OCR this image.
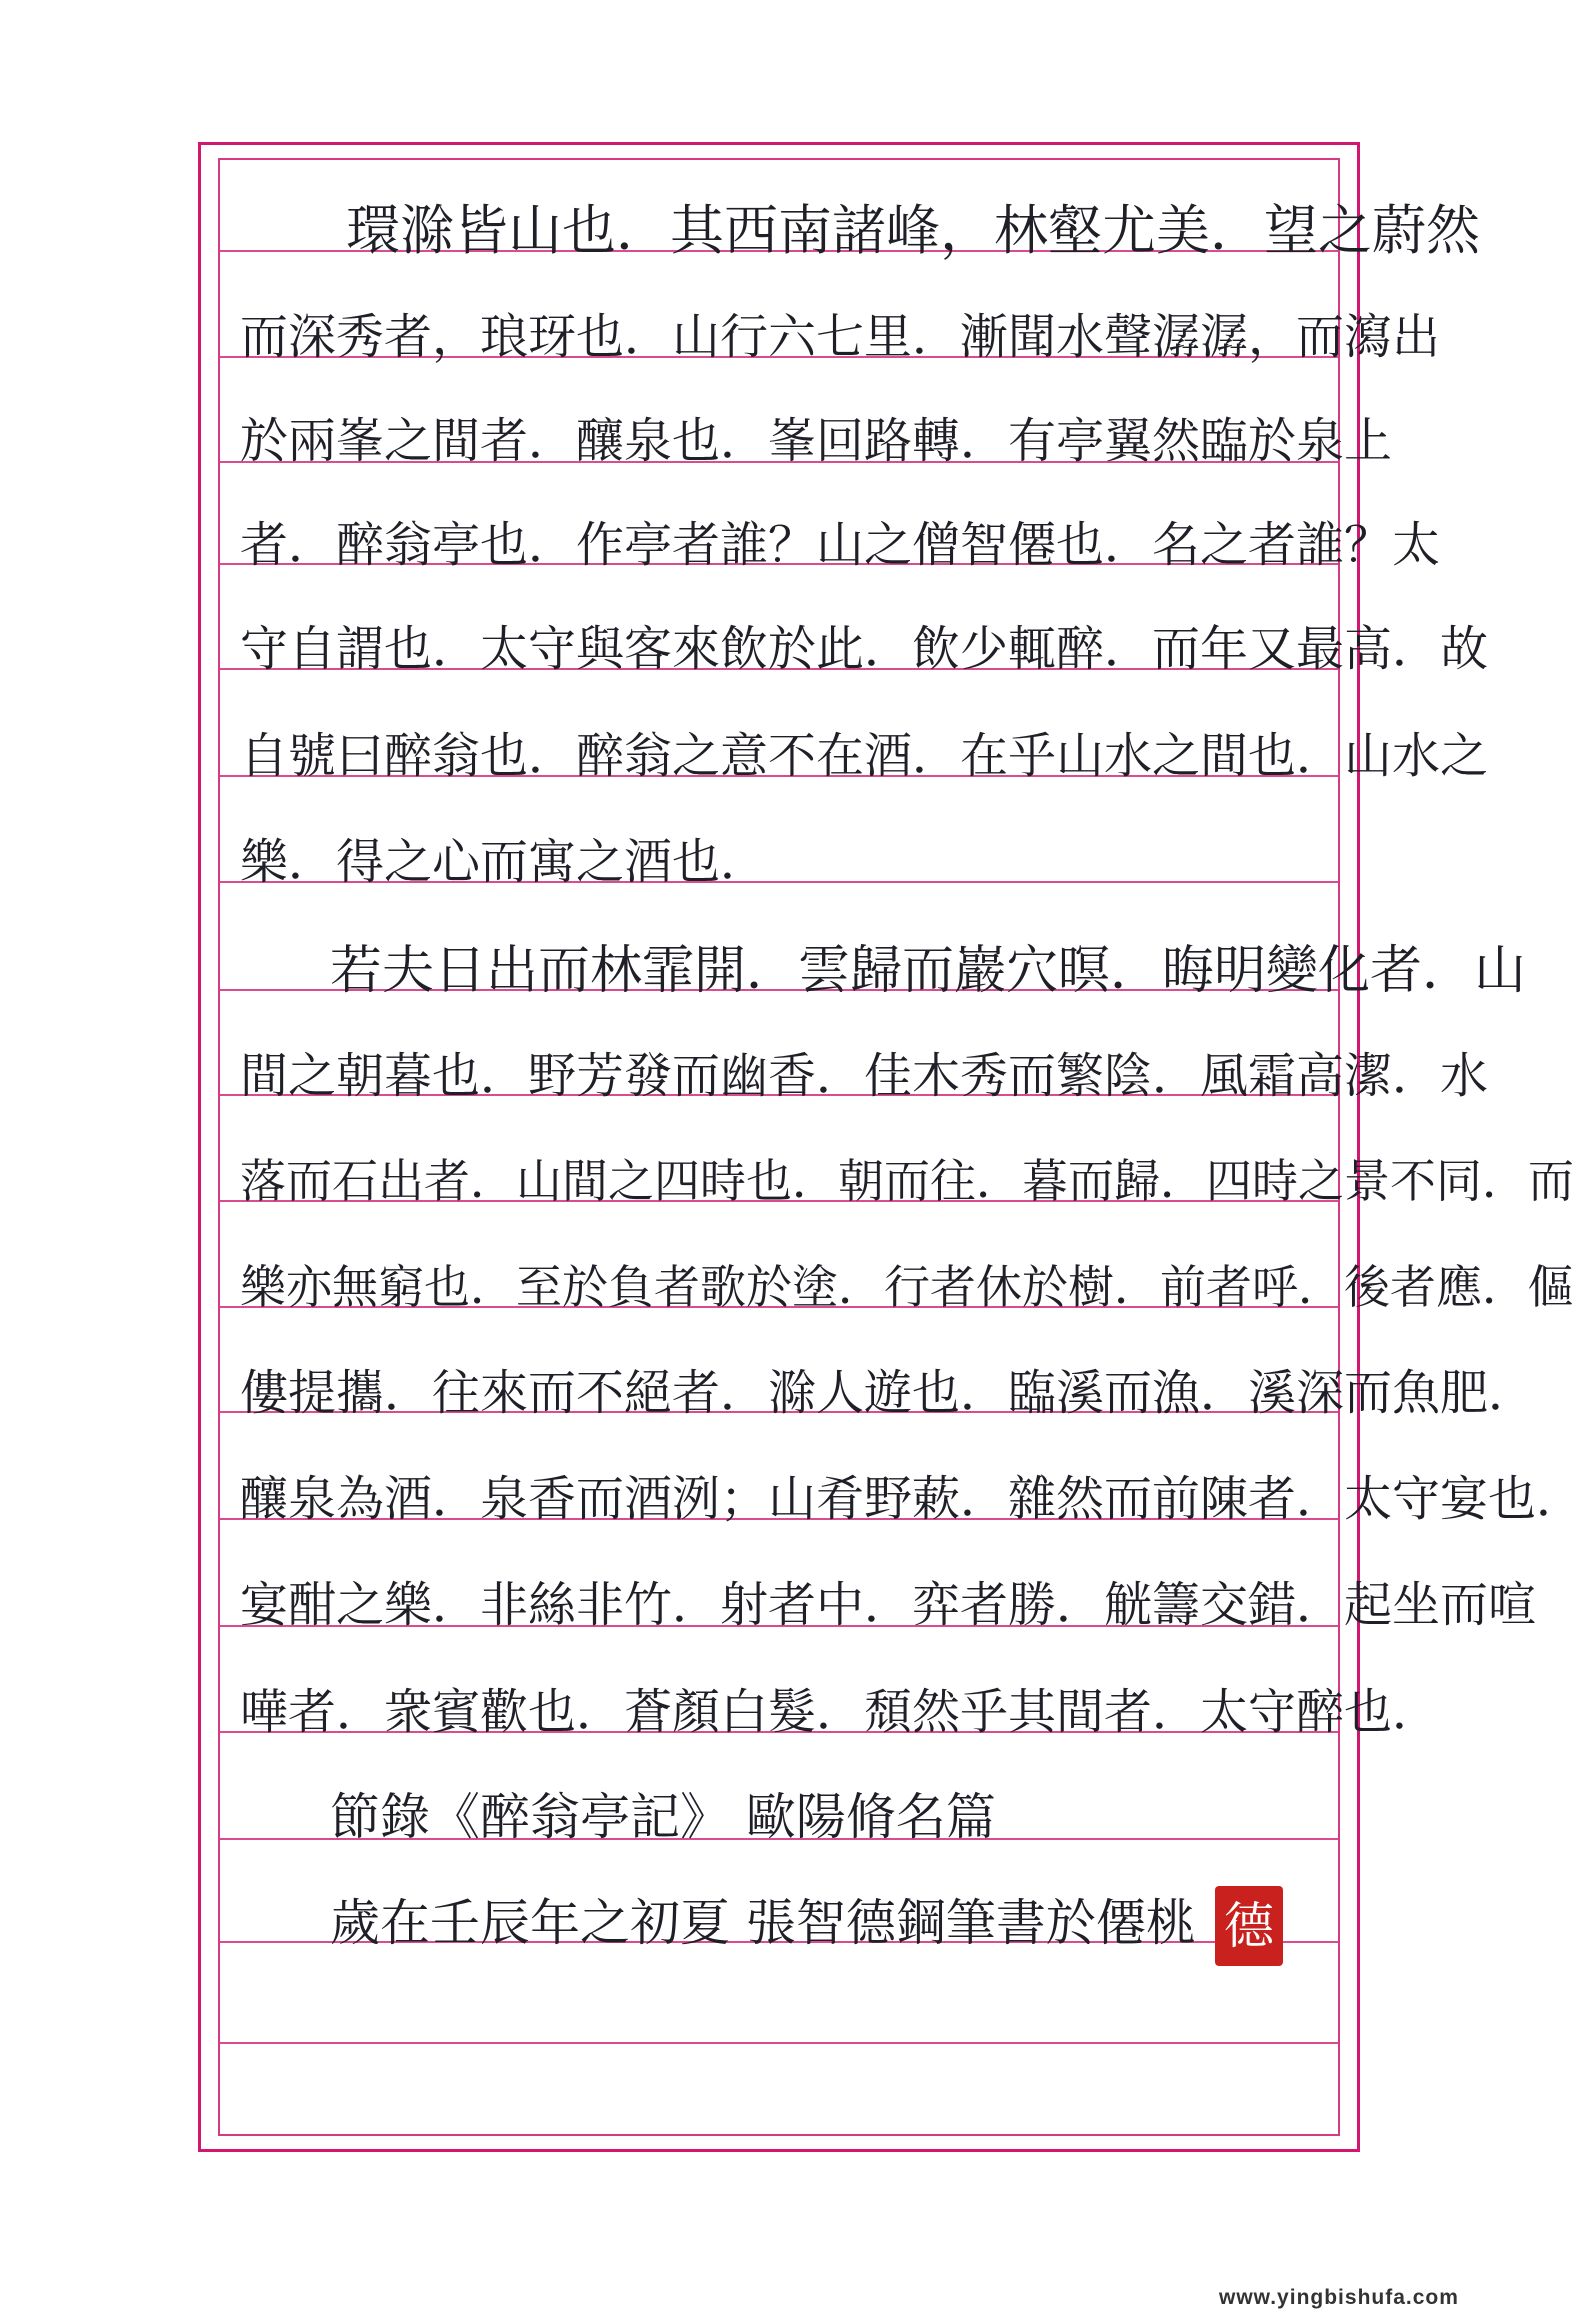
環滁皆山也．其西南諸峰，林壑尤美．望之蔚然
而深秀者，琅玡也．山行六七里．漸聞水聲潺潺，而瀉出
於兩峯之間者．釀泉也．峯回路轉．有亭翼然臨於泉上
者．醉翁亭也．作亭者誰？山之僧智僊也．名之者誰？太
守自謂也．太守與客來飲於此．飲少輒醉．而年又最高．故
自號曰醉翁也．醉翁之意不在酒．在乎山水之間也．山水之
樂．得之心而寓之酒也．
若夫日出而林霏開．雲歸而巖穴暝．晦明變化者．山
間之朝暮也．野芳發而幽香．佳木秀而繁陰．風霜高潔．水
落而石出者．山間之四時也．朝而往．暮而歸．四時之景不同．而
樂亦無窮也．至於負者歌於塗．行者休於樹．前者呼．後者應．傴
僂提攜．往來而不絕者．滁人遊也．臨溪而漁．溪深而魚肥．
釀泉為酒．泉香而酒洌；山肴野蔌．雜然而前陳者．太守宴也．
宴酣之樂．非絲非竹．射者中．弈者勝．觥籌交錯．起坐而喧
嘩者．衆賓歡也．蒼顏白髮．頹然乎其間者．太守醉也．
節錄《醉翁亭記》 歐陽脩名篇
歲在壬辰年之初夏 張智德鋼筆書於僊桃 德
www.yingbishufa.com
